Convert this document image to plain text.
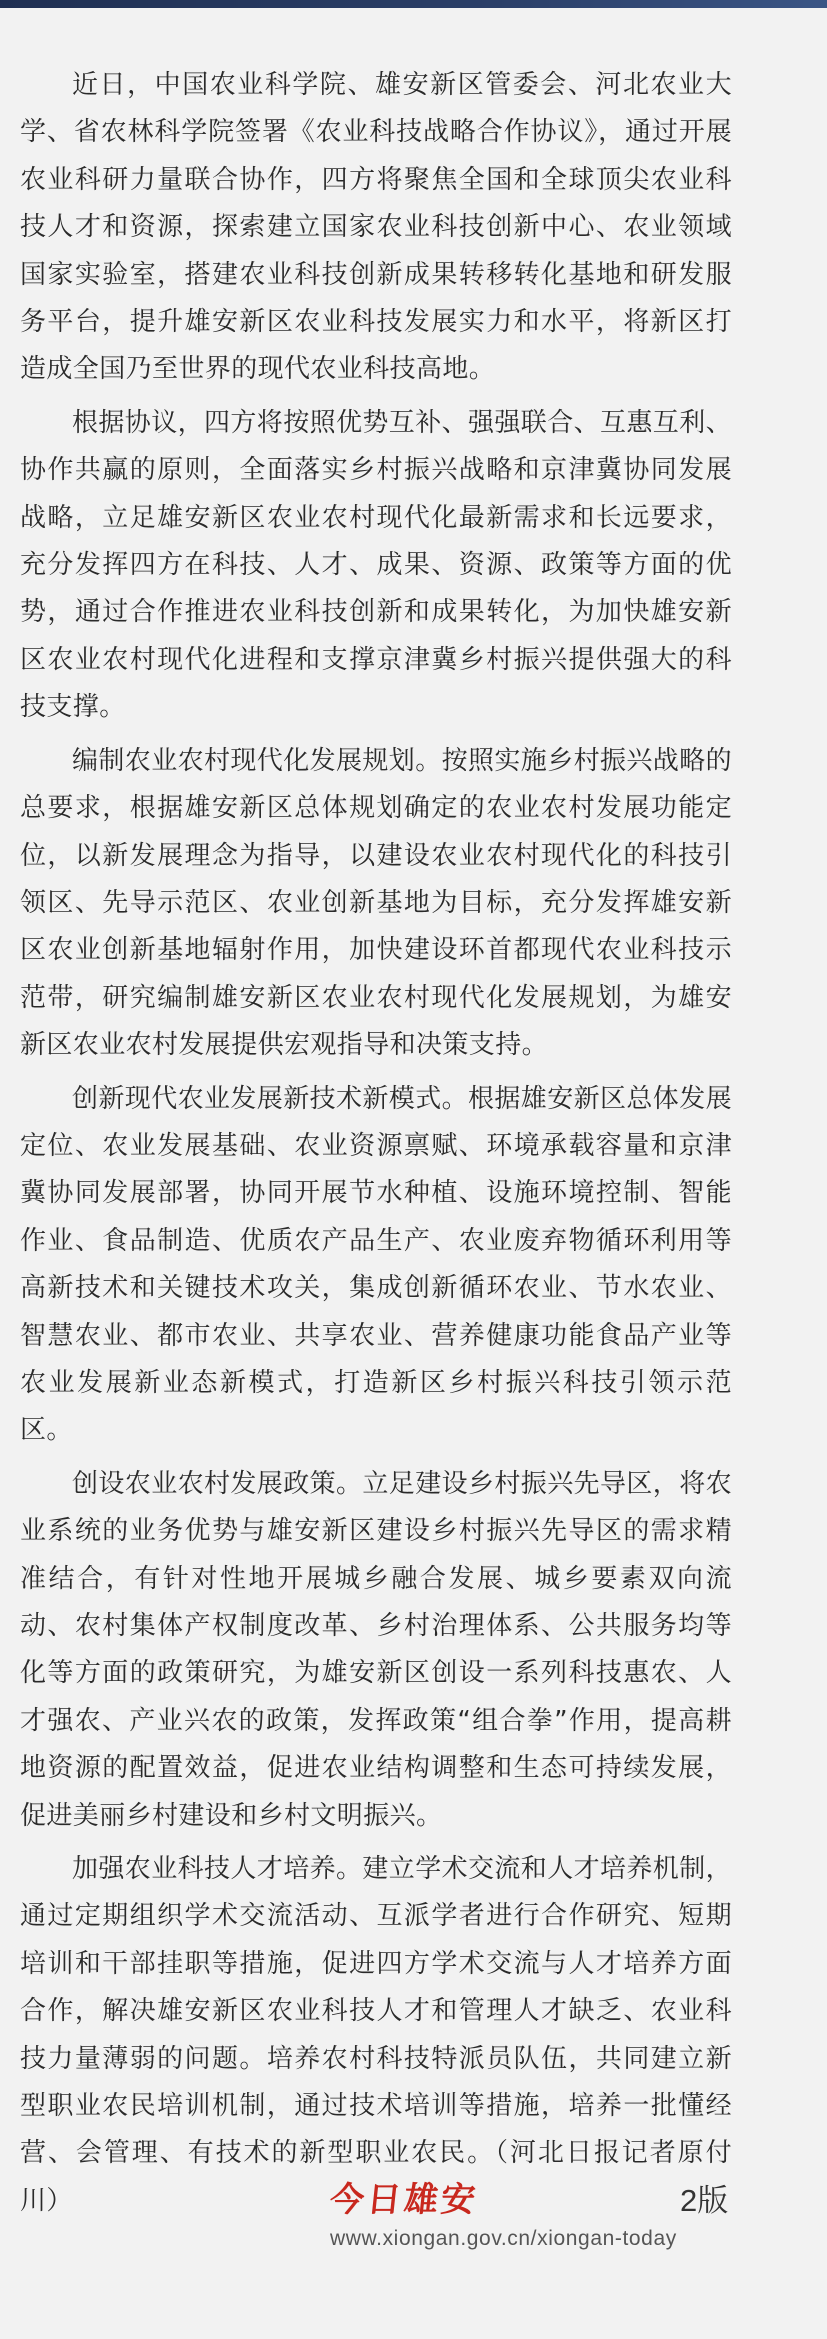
近日，中国农业科学院、雄安新区管委会、河北农业大学、省农林科学院签署《农业科技战略合作协议》，通过开展农业科研力量联合协作，四方将聚焦全国和全球顶尖农业科技人才和资源，探索建立国家农业科技创新中心、农业领域国家实验室，搭建农业科技创新成果转移转化基地和研发服务平台，提升雄安新区农业科技发展实力和水平，将新区打造成全国乃至世界的现代农业科技高地。

根据协议，四方将按照优势互补、强强联合、互惠互利、协作共赢的原则，全面落实乡村振兴战略和京津冀协同发展战略，立足雄安新区农业农村现代化最新需求和长远要求，充分发挥四方在科技、人才、成果、资源、政策等方面的优势，通过合作推进农业科技创新和成果转化，为加快雄安新区农业农村现代化进程和支撑京津冀乡村振兴提供强大的科技支撑。

编制农业农村现代化发展规划。按照实施乡村振兴战略的总要求，根据雄安新区总体规划确定的农业农村发展功能定位，以新发展理念为指导，以建设农业农村现代化的科技引领区、先导示范区、农业创新基地为目标，充分发挥雄安新区农业创新基地辐射作用，加快建设环首都现代农业科技示范带，研究编制雄安新区农业农村现代化发展规划，为雄安新区农业农村发展提供宏观指导和决策支持。

创新现代农业发展新技术新模式。根据雄安新区总体发展定位、农业发展基础、农业资源禀赋、环境承载容量和京津冀协同发展部署，协同开展节水种植、设施环境控制、智能作业、食品制造、优质农产品生产、农业废弃物循环利用等高新技术和关键技术攻关，集成创新循环农业、节水农业、智慧农业、都市农业、共享农业、营养健康功能食品产业等农业发展新业态新模式，打造新区乡村振兴科技引领示范区。

创设农业农村发展政策。立足建设乡村振兴先导区，将农业系统的业务优势与雄安新区建设乡村振兴先导区的需求精准结合，有针对性地开展城乡融合发展、城乡要素双向流动、农村集体产权制度改革、乡村治理体系、公共服务均等化等方面的政策研究，为雄安新区创设一系列科技惠农、人才强农、产业兴农的政策，发挥政策“组合拳”作用，提高耕地资源的配置效益，促进农业结构调整和生态可持续发展，促进美丽乡村建设和乡村文明振兴。

加强农业科技人才培养。建立学术交流和人才培养机制，通过定期组织学术交流活动、互派学者进行合作研究、短期培训和干部挂职等措施，促进四方学术交流与人才培养方面合作，解决雄安新区农业科技人才和管理人才缺乏、农业科技力量薄弱的问题。培养农村科技特派员队伍，共同建立新型职业农民培训机制，通过技术培训等措施，培养一批懂经营、会管理、有技术的新型职业农民。（河北日报记者原付川）	今日雄安	2版
www.xiongan.gov.cn/xiongan-today
